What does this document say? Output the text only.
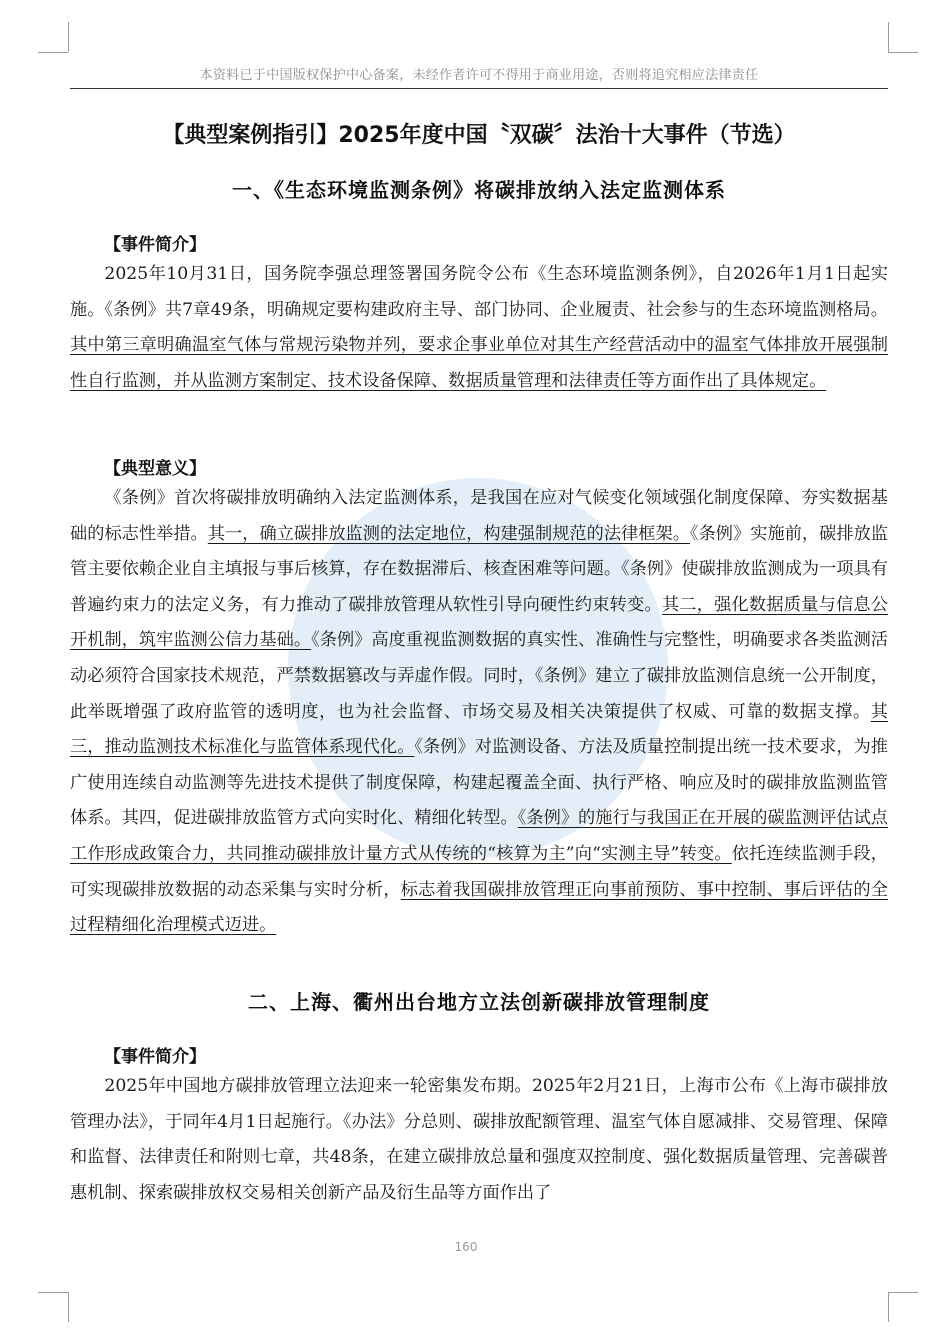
本资料已于中国版权保护中心备案，未经作者许可不得用于商业用途，否则将追究相应法律责任
【典型案例指引】2025年度中国〝双碳〞法治十大事件（节选）
一、《生态环境监测条例》将碳排放纳入法定监测体系
【事件简介】

2025年10月31日，国务院李强总理签署国务院令公布《生态环境监测条例》，自2026年1月1日起实施。《条例》共7章49条，明确规定要构建政府主导、部门协同、企业履责、社会参与的生态环境监测格局。其中第三章明确温室气体与常规污染物并列，要求企事业单位对其生产经营活动中的温室气体排放开展强制性自行监测，并从监测方案制定、技术设备保障、数据质量管理和法律责任等方面作出了具体规定。

【典型意义】

《条例》首次将碳排放明确纳入法定监测体系，是我国在应对气候变化领域强化制度保障、夯实数据基础的标志性举措。其一，确立碳排放监测的法定地位，构建强制规范的法律框架。《条例》实施前，碳排放监管主要依赖企业自主填报与事后核算，存在数据滞后、核查困难等问题。《条例》使碳排放监测成为一项具有普遍约束力的法定义务，有力推动了碳排放管理从软性引导向硬性约束转变。其二，强化数据质量与信息公开机制，筑牢监测公信力基础。《条例》高度重视监测数据的真实性、准确性与完整性，明确要求各类监测活动必须符合国家技术规范，严禁数据篡改与弄虚作假。同时，《条例》建立了碳排放监测信息统一公开制度，此举既增强了政府监管的透明度，也为社会监督、市场交易及相关决策提供了权威、可靠的数据支撑。其三，推动监测技术标准化与监管体系现代化。《条例》对监测设备、方法及质量控制提出统一技术要求，为推广使用连续自动监测等先进技术提供了制度保障，构建起覆盖全面、执行严格、响应及时的碳排放监测监管体系。其四，促进碳排放监管方式向实时化、精细化转型。《条例》的施行与我国正在开展的碳监测评估试点工作形成政策合力，共同推动碳排放计量方式从传统的“核算为主”向“实测主导”转变。依托连续监测手段，可实现碳排放数据的动态采集与实时分析，标志着我国碳排放管理正向事前预防、事中控制、事后评估的全过程精细化治理模式迈进。

二、上海、衢州出台地方立法创新碳排放管理制度
【事件简介】

2025年中国地方碳排放管理立法迎来一轮密集发布期。2025年2月21日，上海市公布《上海市碳排放管理办法》，于同年4月1日起施行。《办法》分总则、碳排放配额管理、温室气体自愿减排、交易管理、保障和监督、法律责任和附则七章，共48条，在建立碳排放总量和强度双控制度、强化数据质量管理、完善碳普惠机制、探索碳排放权交易相关创新产品及衍生品等方面作出了

160
